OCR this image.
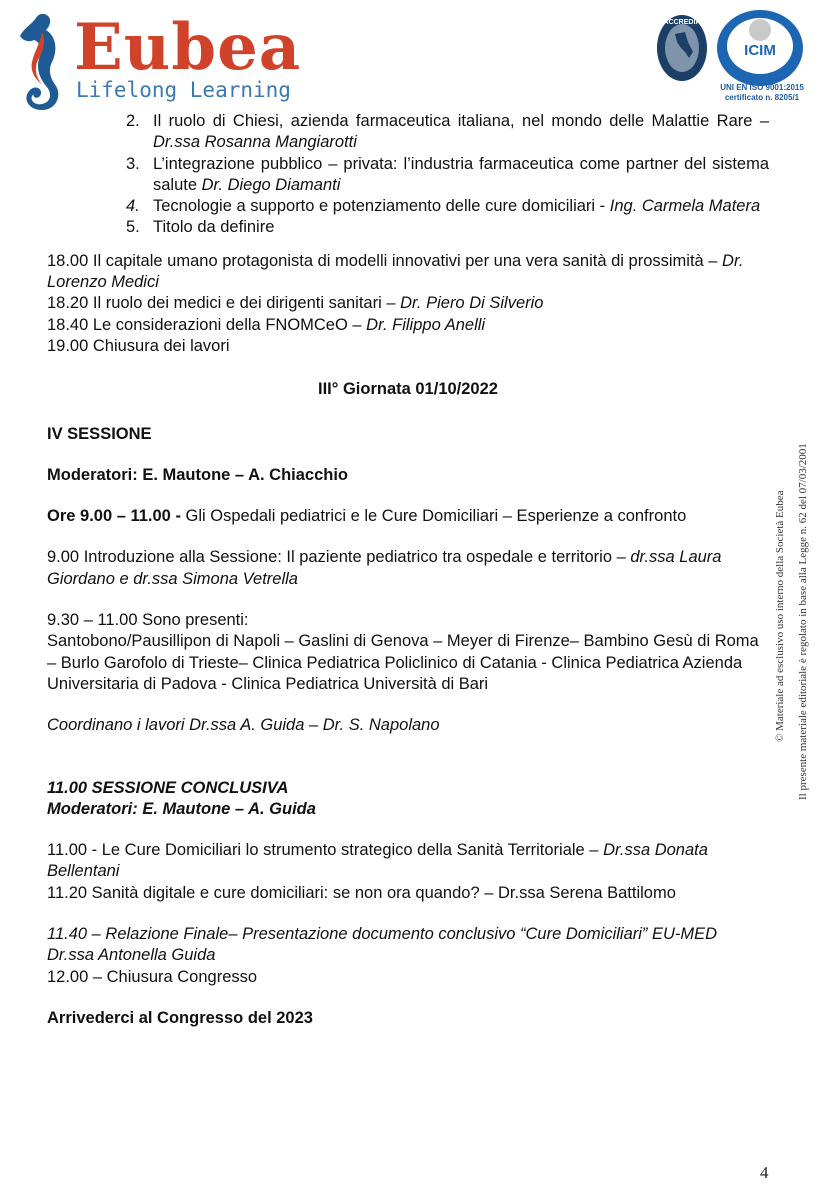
Eubea
Lifelong Learning
ACCREDIA
ICIM
UNI EN ISO 9001:2015
certificato n. 8205/1
2. Il ruolo di Chiesi, azienda farmaceutica italiana, nel mondo delle Malattie Rare – Dr.ssa Rosanna Mangiarotti
3. L’integrazione pubblico – privata: l’industria farmaceutica come partner del sistema salute Dr. Diego Diamanti
4. Tecnologie a supporto e potenziamento delle cure domiciliari - Ing. Carmela Matera
5. Titolo da definire

18.00 Il capitale umano protagonista di modelli innovativi per una vera sanità di prossimità – Dr. Lorenzo Medici

18.20 Il ruolo dei medici e dei dirigenti sanitari – Dr. Piero Di Silverio

18.40 Le considerazioni della FNOMCeO – Dr. Filippo Anelli

19.00 Chiusura dei lavori

III° Giornata 01/10/2022

IV SESSIONE

Moderatori: E. Mautone – A. Chiacchio

Ore 9.00 – 11.00 - Gli Ospedali pediatrici e le Cure Domiciliari – Esperienze a confronto

9.00 Introduzione alla Sessione: Il paziente pediatrico tra ospedale e territorio – dr.ssa Laura Giordano e dr.ssa Simona Vetrella

9.30 – 11.00 Sono presenti:

Santobono/Pausillipon di Napoli – Gaslini di Genova – Meyer di Firenze– Bambino Gesù di Roma – Burlo Garofolo di Trieste– Clinica Pediatrica Policlinico di Catania - Clinica Pediatrica Azienda Universitaria di Padova - Clinica Pediatrica Università di Bari

Coordinano i lavori Dr.ssa A. Guida – Dr. S. Napolano

11.00 SESSIONE CONCLUSIVA

Moderatori: E. Mautone – A. Guida

11.00 - Le Cure Domiciliari lo strumento strategico della Sanità Territoriale – Dr.ssa Donata Bellentani

11.20 Sanità digitale e cure domiciliari: se non ora quando? – Dr.ssa Serena Battilomo

11.40 – Relazione Finale– Presentazione documento conclusivo “Cure Domiciliari” EU-MED

Dr.ssa Antonella Guida

12.00 – Chiusura Congresso

Arrivederci al Congresso del 2023

© Materiale ad esclusivo uso interno della Società Eubea Il presente materiale editoriale è regolato in base alla Legge n. 62 del 07/03/2001
4
